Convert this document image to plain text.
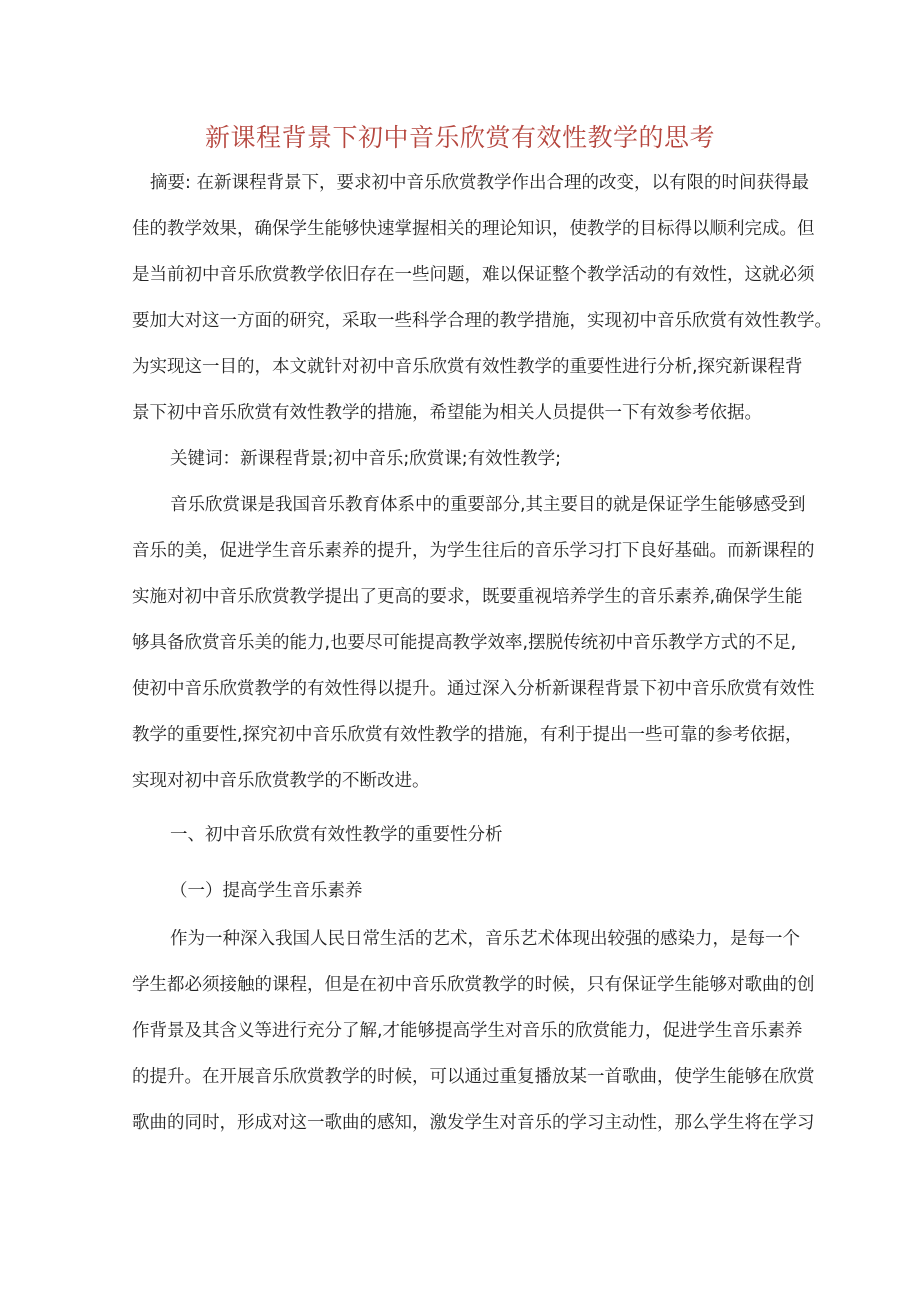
新课程背景下初中音乐欣赏有效性教学的思考

摘要: 在新课程背景下，要求初中音乐欣赏教学作出合理的改变，以有限的时间获得最

佳的教学效果，确保学生能够快速掌握相关的理论知识，使教学的目标得以顺利完成。但

是当前初中音乐欣赏教学依旧存在一些问题，难以保证整个教学活动的有效性，这就必须

要加大对这一方面的研究，采取一些科学合理的教学措施，实现初中音乐欣赏有效性教学。

为实现这一目的，本文就针对初中音乐欣赏有效性教学的重要性进行分析,探究新课程背

景下初中音乐欣赏有效性教学的措施，希望能为相关人员提供一下有效参考依据。

关键词：新课程背景;初中音乐;欣赏课;有效性教学;

音乐欣赏课是我国音乐教育体系中的重要部分,其主要目的就是保证学生能够感受到

音乐的美，促进学生音乐素养的提升，为学生往后的音乐学习打下良好基础。而新课程的

实施对初中音乐欣赏教学提出了更高的要求，既要重视培养学生的音乐素养,确保学生能

够具备欣赏音乐美的能力,也要尽可能提高教学效率,摆脱传统初中音乐教学方式的不足,

使初中音乐欣赏教学的有效性得以提升。通过深入分析新课程背景下初中音乐欣赏有效性

教学的重要性,探究初中音乐欣赏有效性教学的措施，有利于提出一些可靠的参考依据，

实现对初中音乐欣赏教学的不断改进。

一、初中音乐欣赏有效性教学的重要性分析

（一）提高学生音乐素养

作为一种深入我国人民日常生活的艺术，音乐艺术体现出较强的感染力，是每一个

学生都必须接触的课程，但是在初中音乐欣赏教学的时候，只有保证学生能够对歌曲的创

作背景及其含义等进行充分了解,才能够提高学生对音乐的欣赏能力，促进学生音乐素养

的提升。在开展音乐欣赏教学的时候，可以通过重复播放某一首歌曲，使学生能够在欣赏

歌曲的同时，形成对这一歌曲的感知，激发学生对音乐的学习主动性，那么学生将在学习
